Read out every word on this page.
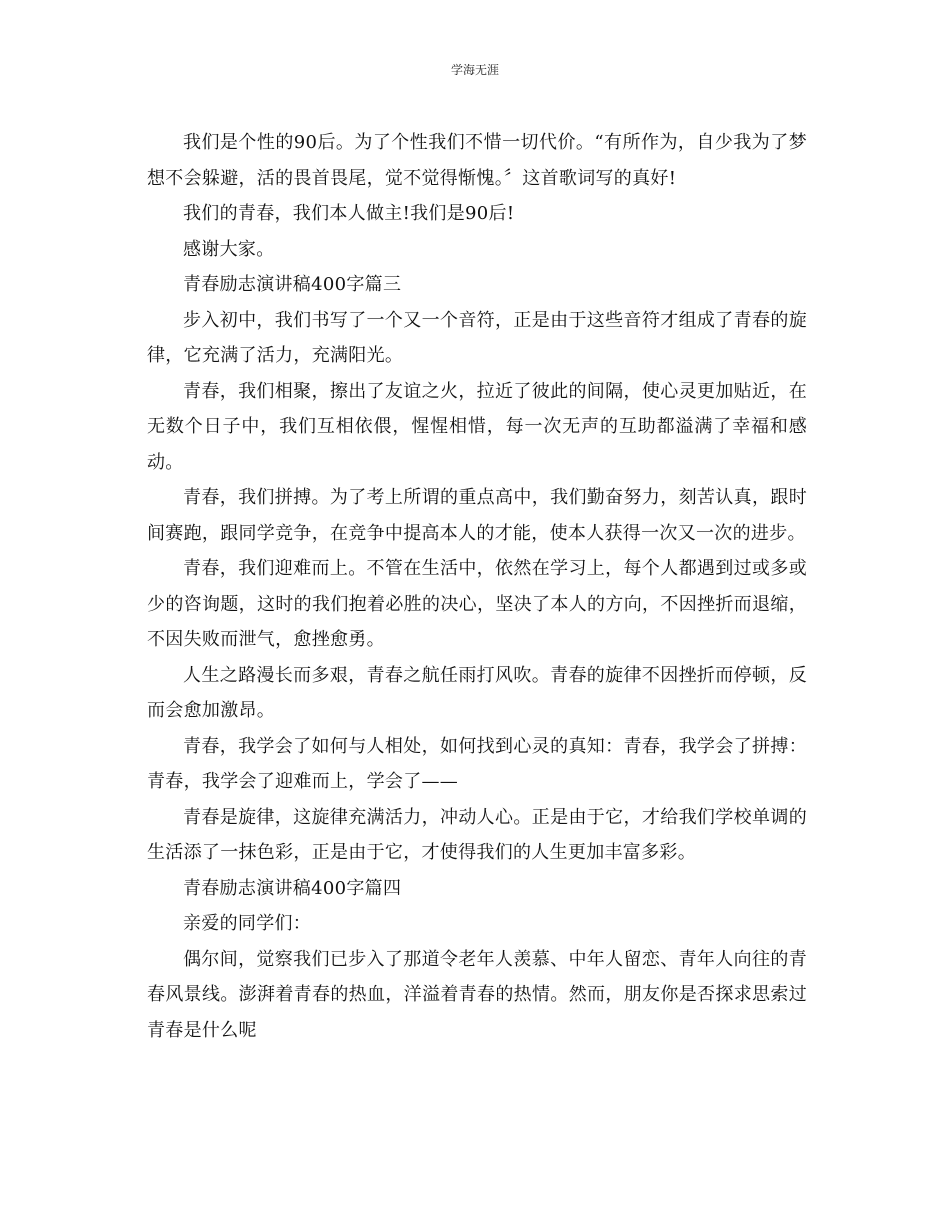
学海无涯

我们是个性的90后。为了个性我们不惜一切代价。“有所作为，自少我为了梦想不会躲避，活的畏首畏尾，觉不觉得惭愧。〞这首歌词写的真好!

我们的青春，我们本人做主!我们是90后!

感谢大家。

青春励志演讲稿400字篇三

步入初中，我们书写了一个又一个音符，正是由于这些音符才组成了青春的旋律，它充满了活力，充满阳光。

青春，我们相聚，擦出了友谊之火，拉近了彼此的间隔，使心灵更加贴近，在无数个日子中，我们互相依偎，惺惺相惜，每一次无声的互助都溢满了幸福和感动。

青春，我们拼搏。为了考上所谓的重点高中，我们勤奋努力，刻苦认真，跟时间赛跑，跟同学竞争，在竞争中提高本人的才能，使本人获得一次又一次的进步。

青春，我们迎难而上。不管在生活中，依然在学习上，每个人都遇到过或多或少的咨询题，这时的我们抱着必胜的决心，坚决了本人的方向，不因挫折而退缩，不因失败而泄气，愈挫愈勇。

人生之路漫长而多艰，青春之航任雨打风吹。青春的旋律不因挫折而停顿，反而会愈加激昂。

青春，我学会了如何与人相处，如何找到心灵的真知：青春，我学会了拼搏：青春，我学会了迎难而上，学会了——

青春是旋律，这旋律充满活力，冲动人心。正是由于它，才给我们学校单调的生活添了一抹色彩，正是由于它，才使得我们的人生更加丰富多彩。

青春励志演讲稿400字篇四

亲爱的同学们：

偶尔间，觉察我们已步入了那道令老年人羡慕、中年人留恋、青年人向往的青春风景线。澎湃着青春的热血，洋溢着青春的热情。然而，朋友你是否探求思索过青春是什么呢
